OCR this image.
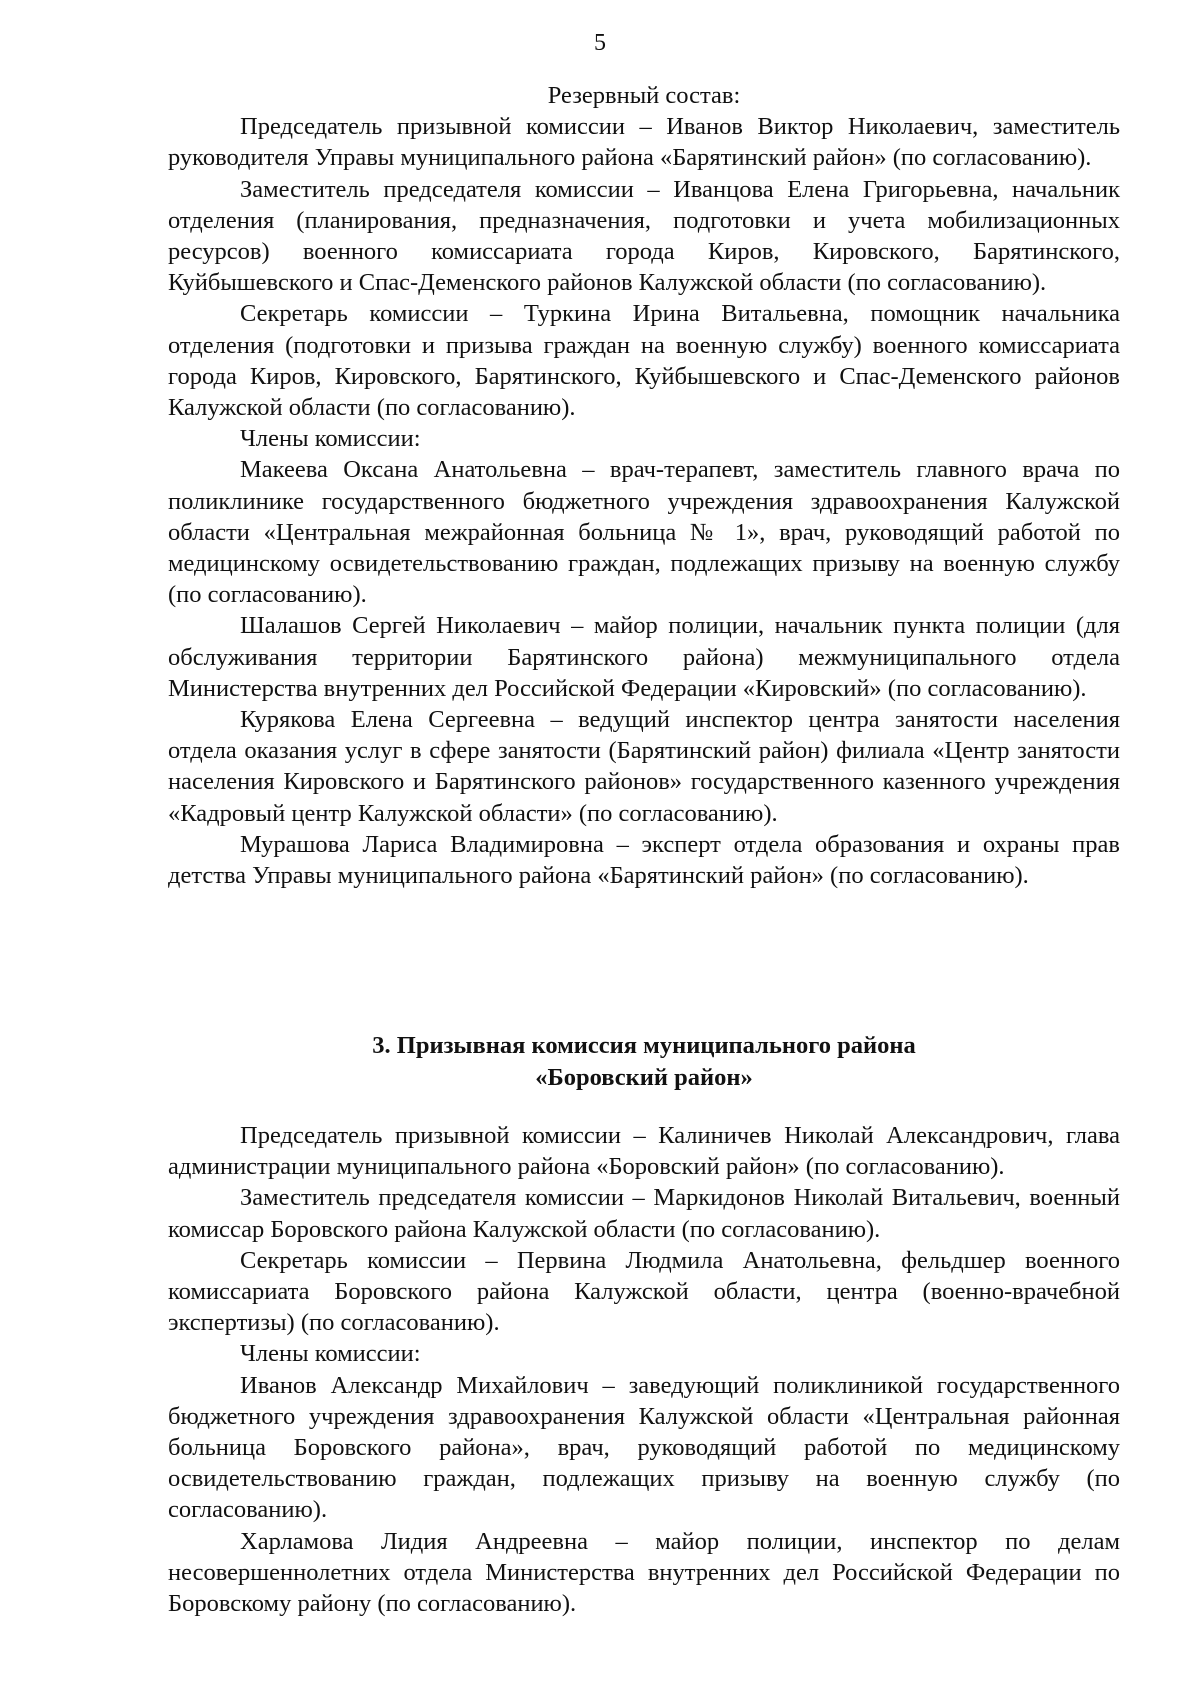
5

Резервный состав:

Председатель призывной комиссии – Иванов Виктор Николаевич, заместитель руководителя Управы муниципального района «Барятинский район» (по согласованию).

Заместитель председателя комиссии – Иванцова Елена Григорьевна, начальник отделения (планирования, предназначения, подготовки и учета мобилизационных ресурсов) военного комиссариата города Киров, Кировского, Барятинского, Куйбышевского и Спас-Деменского районов Калужской области (по согласованию).

Секретарь комиссии – Туркина Ирина Витальевна, помощник начальника отделения (подготовки и призыва граждан на военную службу) военного комиссариата города Киров, Кировского, Барятинского, Куйбышевского и Спас-Деменского районов Калужской области (по согласованию).

Члены комиссии:

Макеева Оксана Анатольевна – врач-терапевт, заместитель главного врача по поликлинике государственного бюджетного учреждения здравоохранения Калужской области «Центральная межрайонная больница № 1», врач, руководящий работой по медицинскому освидетельствованию граждан, подлежащих призыву на военную службу (по согласованию).

Шалашов Сергей Николаевич – майор полиции, начальник пункта полиции (для обслуживания территории Барятинского района) межмуниципального отдела Министерства внутренних дел Российской Федерации «Кировский» (по согласованию).

Курякова Елена Сергеевна – ведущий инспектор центра занятости населения отдела оказания услуг в сфере занятости (Барятинский район) филиала «Центр занятости населения Кировского и Барятинского районов» государственного казенного учреждения «Кадровый центр Калужской области» (по согласованию).

Мурашова Лариса Владимировна – эксперт отдела образования и охраны прав детства Управы муниципального района «Барятинский район» (по согласованию).

3. Призывная комиссия муниципального района
«Боровский район»

Председатель призывной комиссии – Калиничев Николай Александрович, глава администрации муниципального района «Боровский район» (по согласованию).

Заместитель председателя комиссии – Маркидонов Николай Витальевич, военный комиссар Боровского района Калужской области (по согласованию).

Секретарь комиссии – Первина Людмила Анатольевна, фельдшер военного комиссариата Боровского района Калужской области, центра (военно-врачебной экспертизы) (по согласованию).

Члены комиссии:

Иванов Александр Михайлович – заведующий поликлиникой государственного бюджетного учреждения здравоохранения Калужской области «Центральная районная больница Боровского района», врач, руководящий работой по медицинскому освидетельствованию граждан, подлежащих призыву на военную службу (по согласованию).

Харламова Лидия Андреевна – майор полиции, инспектор по делам несовершеннолетних отдела Министерства внутренних дел Российской Федерации по Боровскому району (по согласованию).
